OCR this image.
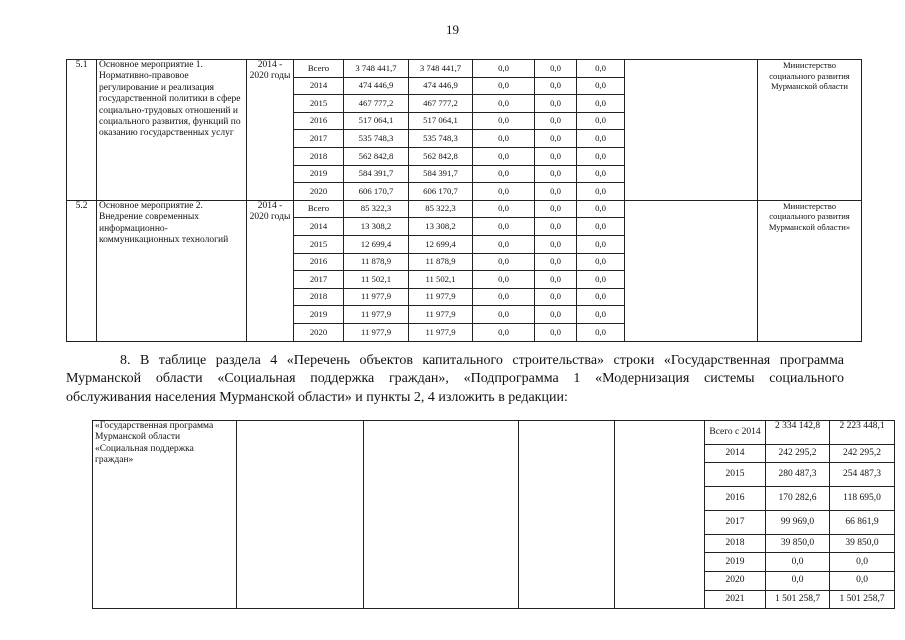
19
5.1	Основное мероприятие 1. Нормативно-правовое регулирование и реализация государственной политики в сфере социально-трудовых отношений и социального развития, функций по оказанию государственных услуг	2014 - 2020 годы	Всего	3 748 441,7	3 748 441,7	0,0	0,0	0,0		Министерство социального развития Мурманской области
			2014	474 446,9	474 446,9	0,0	0,0	0,0		
			2015	467 777,2	467 777,2	0,0	0,0	0,0		
			2016	517 064,1	517 064,1	0,0	0,0	0,0		
			2017	535 748,3	535 748,3	0,0	0,0	0,0		
			2018	562 842,8	562 842,8	0,0	0,0	0,0		
			2019	584 391,7	584 391,7	0,0	0,0	0,0		
			2020	606 170,7	606 170,7	0,0	0,0	0,0		
5.2	Основное мероприятие 2. Внедрение современных информационно-коммуникационных технологий	2014 - 2020 годы	Всего	85 322,3	85 322,3	0,0	0,0	0,0		Министерство социального развития Мурманской области»
			2014	13 308,2	13 308,2	0,0	0,0	0,0		
			2015	12 699,4	12 699,4	0,0	0,0	0,0		
			2016	11 878,9	11 878,9	0,0	0,0	0,0		
			2017	11 502,1	11 502,1	0,0	0,0	0,0		
			2018	11 977,9	11 977,9	0,0	0,0	0,0		
			2019	11 977,9	11 977,9	0,0	0,0	0,0		
			2020	11 977,9	11 977,9	0,0	0,0	0,0		
8. В таблице раздела 4 «Перечень объектов капитального строительства» строки «Государственная программа
Мурманской области «Социальная поддержка граждан», «Подпрограмма 1 «Модернизация системы социального
обслуживания населения Мурманской области» и пункты 2, 4 изложить в редакции:
«Государственная программа Мурманской области «Социальная поддержка граждан»					Всего с 2014	2 334 142,8	2 223 448,1	
					2014	242 295,2	242 295,2	
					2015	280 487,3	254 487,3	
					2016	170 282,6	118 695,0	
					2017	99 969,0	66 861,9	
					2018	39 850,0	39 850,0	
					2019	0,0	0,0	
					2020	0,0	0,0	
					2021	1 501 258,7	1 501 258,7	
